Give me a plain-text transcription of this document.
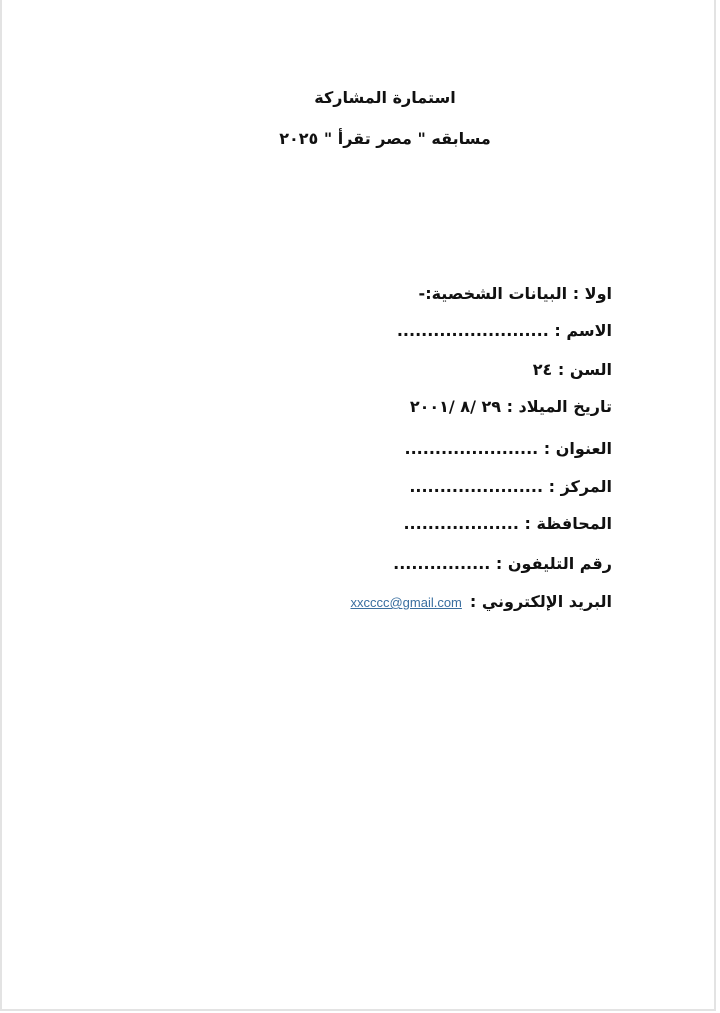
استمارة المشاركة
مسابقه " مصر تقرأ " ٢٠٢٥
اولا : البيانات الشخصية:-
الاسم : .........................
السن : ٢٤
تاريخ الميلاد : ٢٩ /٨ /٢٠٠١
العنوان : ......................
المركز : ......................
المحافظة : ...................
رقم التليفون : ................
البريد الإلكتروني :
xxcccc@gmail.com
